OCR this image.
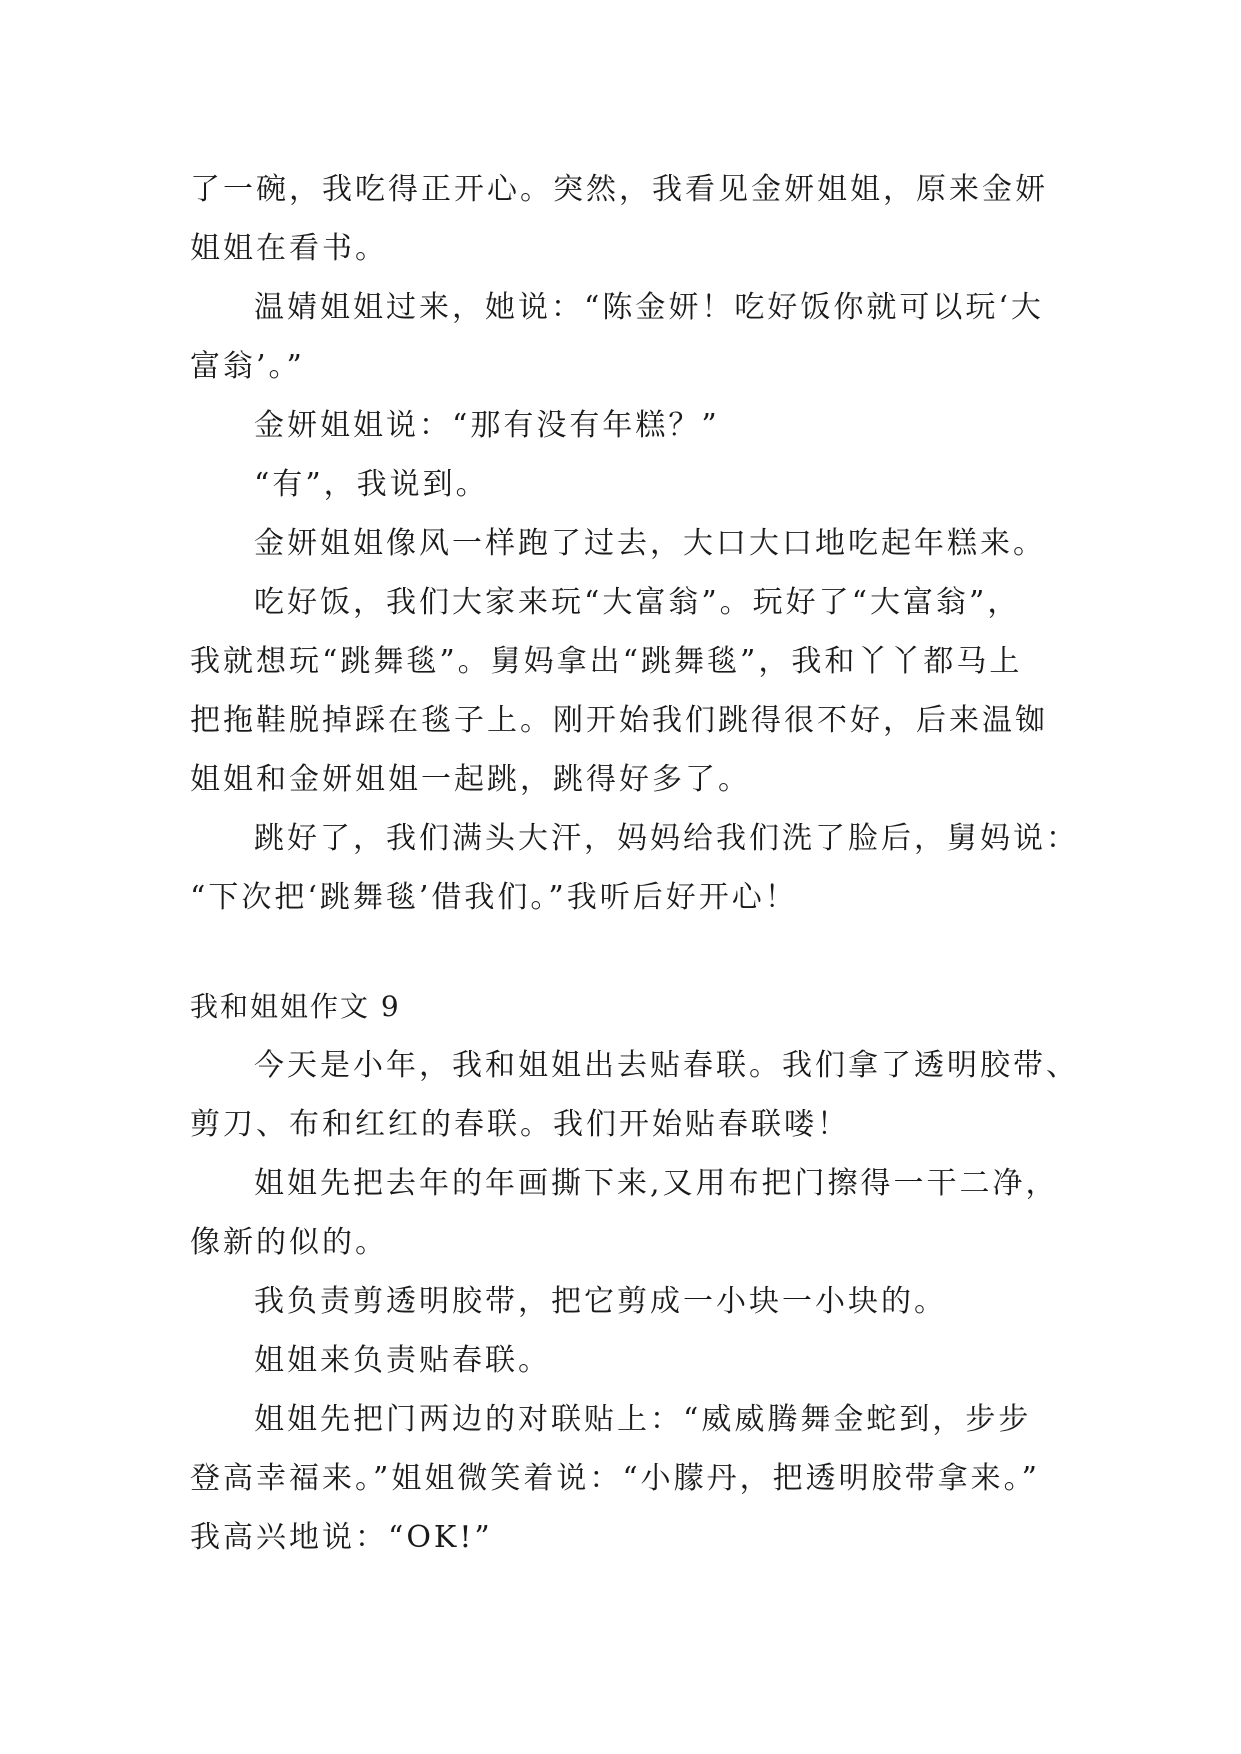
了一碗，我吃得正开心。突然，我看见金妍姐姐，原来金妍
姐姐在看书。
温婧姐姐过来，她说：“陈金妍！吃好饭你就可以玩‘大
富翁’。”
金妍姐姐说：“那有没有年糕？”
“有”，我说到。
金妍姐姐像风一样跑了过去，大口大口地吃起年糕来。
吃好饭，我们大家来玩“大富翁”。玩好了“大富翁”，
我就想玩“跳舞毯”。舅妈拿出“跳舞毯”，我和丫丫都马上
把拖鞋脱掉踩在毯子上。刚开始我们跳得很不好，后来温铷
姐姐和金妍姐姐一起跳，跳得好多了。
跳好了，我们满头大汗，妈妈给我们洗了脸后，舅妈说：
“下次把‘跳舞毯’借我们。”我听后好开心！
我和姐姐作文 9
今天是小年，我和姐姐出去贴春联。我们拿了透明胶带、
剪刀、布和红红的春联。我们开始贴春联喽！
姐姐先把去年的年画撕下来,又用布把门擦得一干二净，
像新的似的。
我负责剪透明胶带，把它剪成一小块一小块的。
姐姐来负责贴春联。
姐姐先把门两边的对联贴上：“威威腾舞金蛇到，步步
登高幸福来。”姐姐微笑着说：“小朦丹，把透明胶带拿来。”
我高兴地说：“OK!”
